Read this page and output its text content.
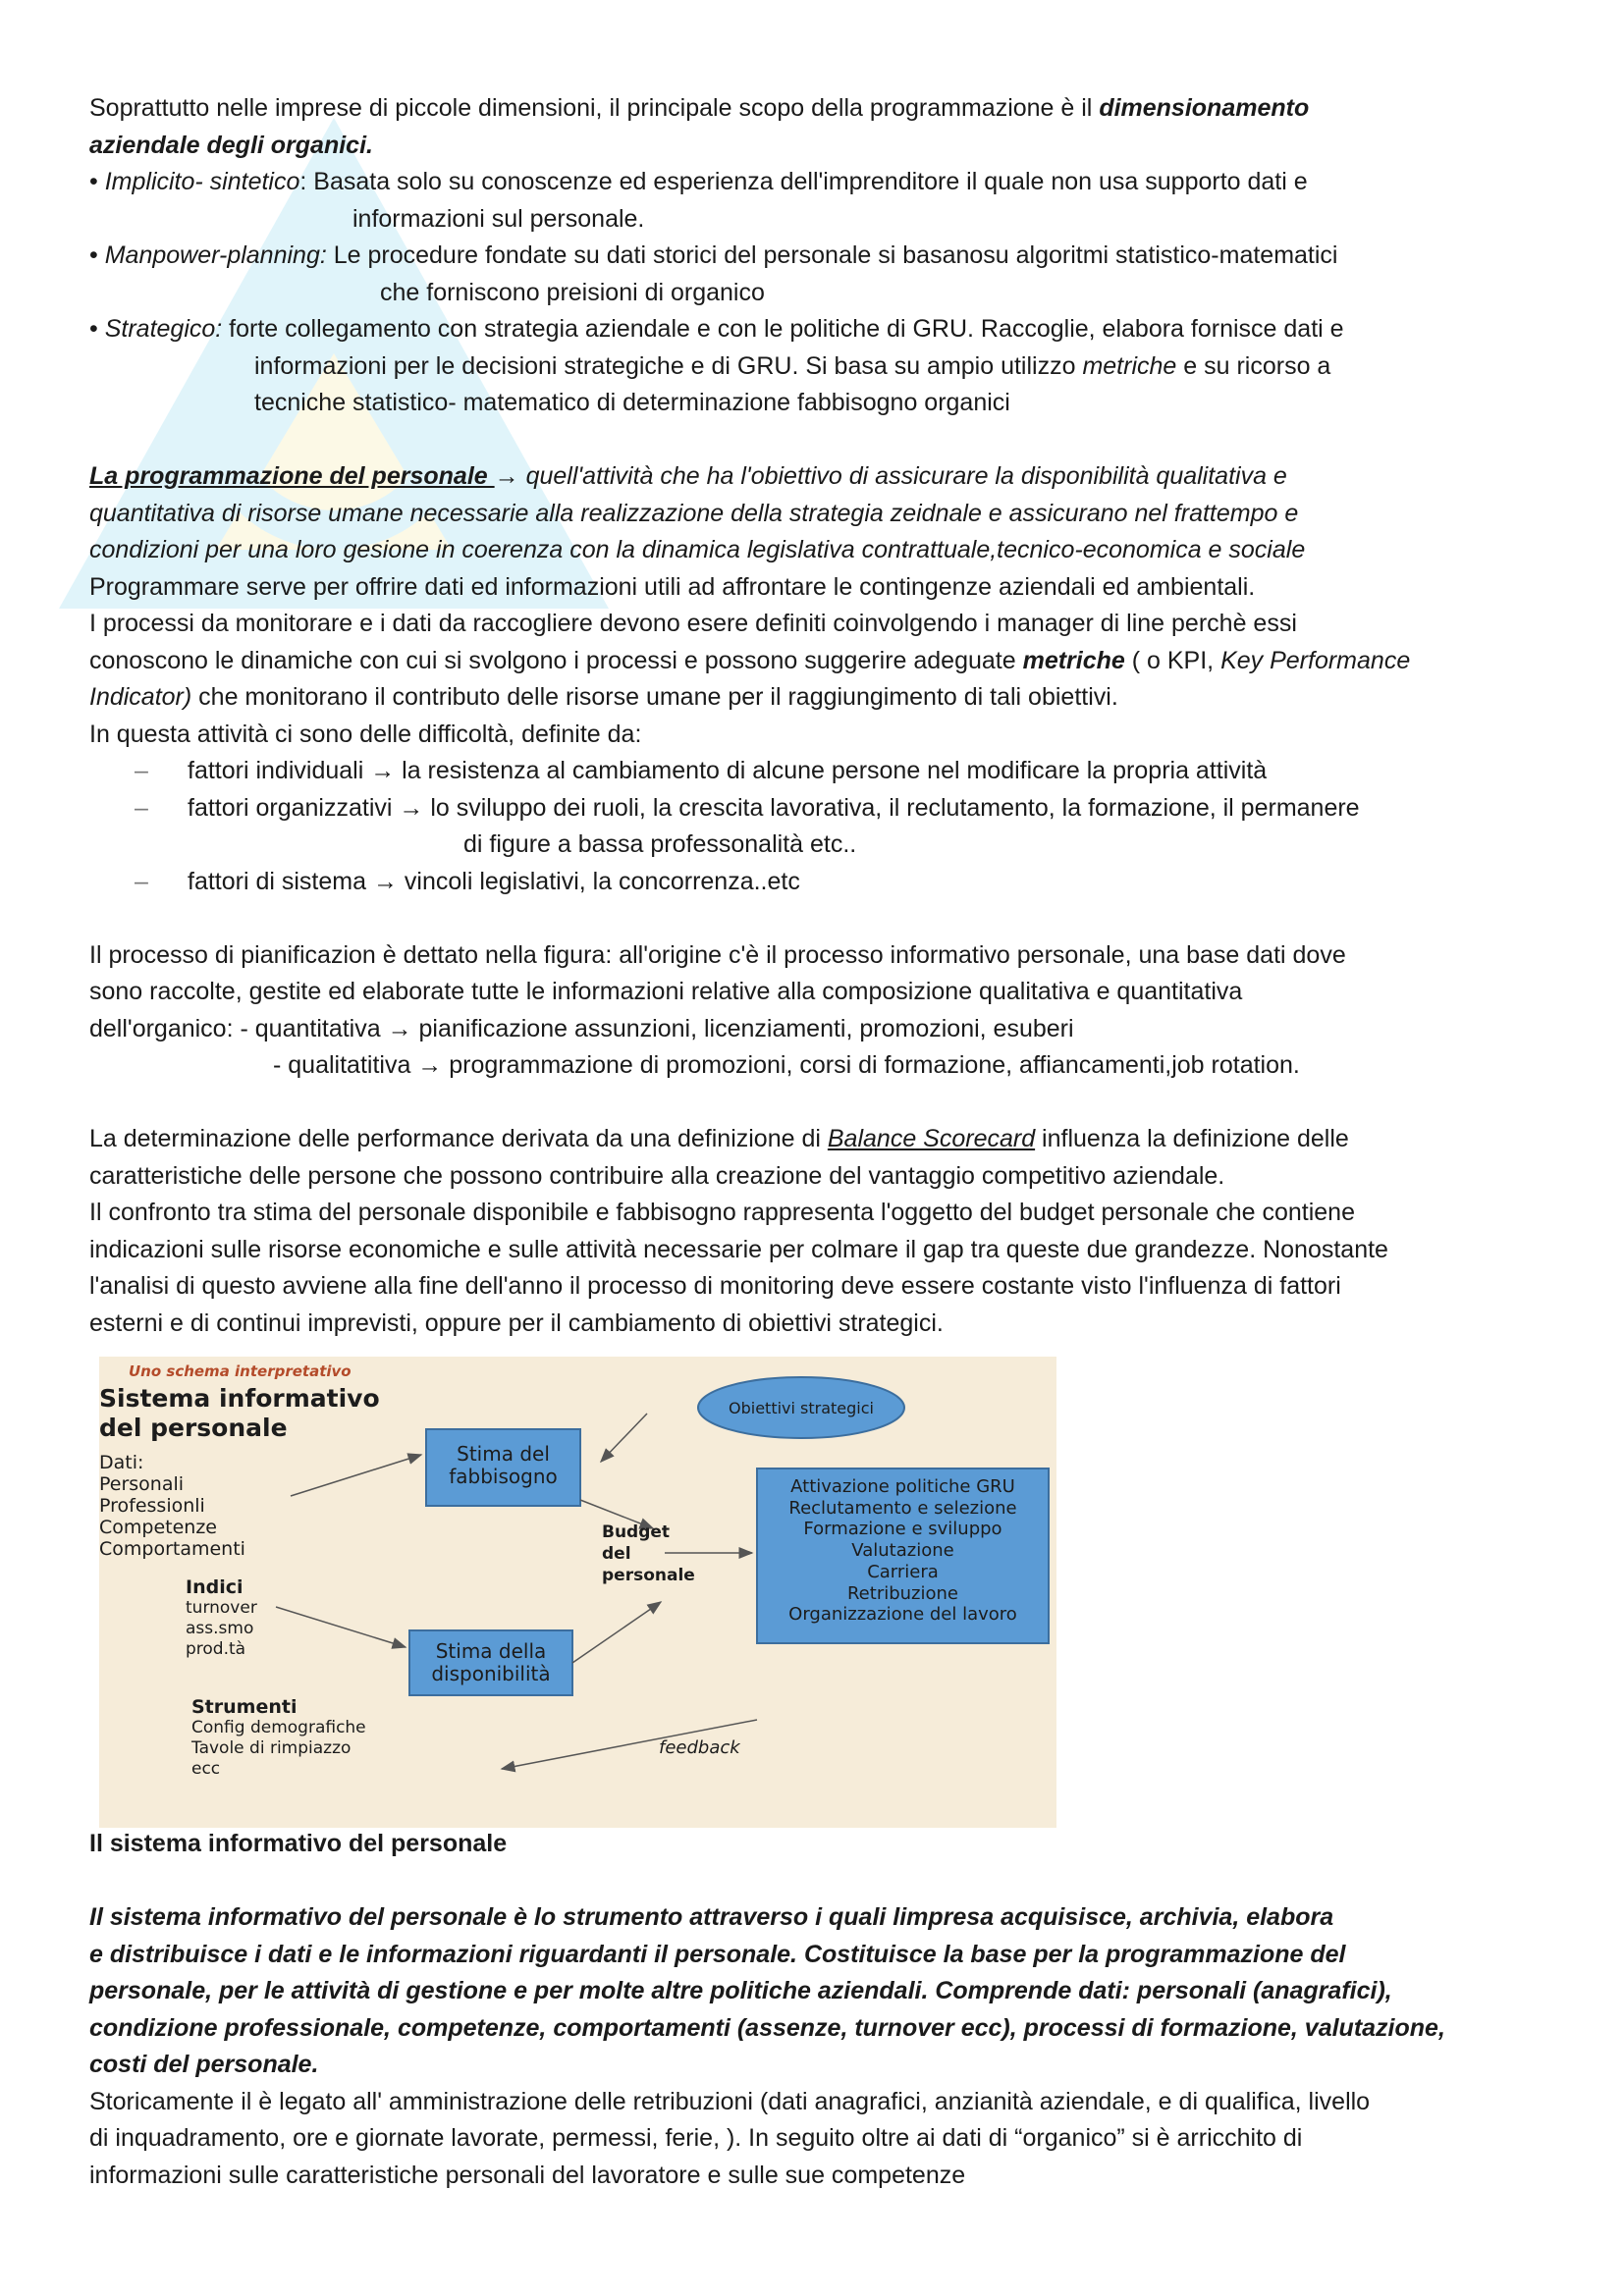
Soprattutto nelle imprese di piccole dimensioni, il principale scopo della programmazione è il dimensionamento

aziendale degli organici.

• Implicito- sintetico: Basata solo su conoscenze ed esperienza dell'imprenditore il quale non usa supporto dati e

informazioni sul personale.

• Manpower-planning: Le procedure fondate su dati storici del personale si basanosu algoritmi statistico-matematici

che forniscono preisioni di organico

• Strategico: forte collegamento con strategia aziendale e con le politiche di GRU. Raccoglie, elabora fornisce dati e

informazioni per le decisioni strategiche e di GRU. Si basa su ampio utilizzo metriche e su ricorso a

tecniche statistico- matematico di determinazione fabbisogno organici

La programmazione del personale → quell'attività che ha l'obiettivo di assicurare la disponibilità qualitativa e

quantitativa di risorse umane necessarie alla realizzazione della strategia zeidnale e assicurano nel frattempo e

condizioni per una loro gesione in coerenza con la dinamica legislativa contrattuale,tecnico-economica e sociale

Programmare serve per offrire dati ed informazioni utili ad affrontare le contingenze aziendali ed ambientali.

I processi da monitorare e i dati da raccogliere devono esere definiti coinvolgendo i manager di line perchè essi

conoscono le dinamiche con cui si svolgono i processi e possono suggerire adeguate metriche ( o KPI, Key Performance

Indicator) che monitorano il contributo delle risorse umane per il raggiungimento di tali obiettivi.

In questa attività ci sono delle difficoltà, definite da:

– fattori individuali → la resistenza al cambiamento di alcune persone nel modificare la propria attività

– fattori organizzativi → lo sviluppo dei ruoli, la crescita lavorativa, il reclutamento, la formazione, il permanere

di figure a bassa professonalità etc..

– fattori di sistema → vincoli legislativi, la concorrenza..etc

Il processo di pianificazion è dettato nella figura: all'origine c'è il processo informativo personale, una base dati dove

sono raccolte, gestite ed elaborate tutte le informazioni relative alla composizione qualitativa e quantitativa

dell'organico: - quantitativa → pianificazione assunzioni, licenziamenti, promozioni, esuberi

- qualitatitiva → programmazione di promozioni, corsi di formazione, affiancamenti,job rotation.

La determinazione delle performance derivata da una definizione di Balance Scorecard influenza la definizione delle

caratteristiche delle persone che possono contribuire alla creazione del vantaggio competitivo aziendale.

Il confronto tra stima del personale disponibile e fabbisogno rappresenta l'oggetto del budget personale che contiene

indicazioni sulle risorse economiche e sulle attività necessarie per colmare il gap tra queste due grandezze. Nonostante

l'analisi di questo avviene alla fine dell'anno il processo di monitoring deve essere costante visto l'influenza di fattori

esterni e di continui imprevisti, oppure per il cambiamento di obiettivi strategici.

Uno schema interpretativo
Sistema informativo
del personale
Dati:
Personali
Professionli
Competenze
Comportamenti
Indici
turnover
ass.smo
prod.tà
Strumenti
Config demografiche
Tavole di rimpiazzo
ecc
Stima del
fabbisogno
Stima della
disponibilità
Obiettivi strategici
Budget
del
personale
Attivazione politiche GRU
Reclutamento e selezione
Formazione e sviluppo
Valutazione
Carriera
Retribuzione
Organizzazione del lavoro
feedback

Il sistema informativo del personale

Il sistema informativo del personale è lo strumento attraverso i quali limpresa acquisisce, archivia, elabora

e distribuisce i dati e le informazioni riguardanti il personale. Costituisce la base per la programmazione del

personale, per le attività di gestione e per molte altre politiche aziendali. Comprende dati: personali (anagrafici),

condizione professionale, competenze, comportamenti (assenze, turnover ecc), processi di formazione, valutazione,

costi del personale.

Storicamente il è legato all' amministrazione delle retribuzioni (dati anagrafici, anzianità aziendale, e di qualifica, livello

di inquadramento, ore e giornate lavorate, permessi, ferie, ). In seguito oltre ai dati di “organico” si è arricchito di

informazioni sulle caratteristiche personali del lavoratore e sulle sue competenze
